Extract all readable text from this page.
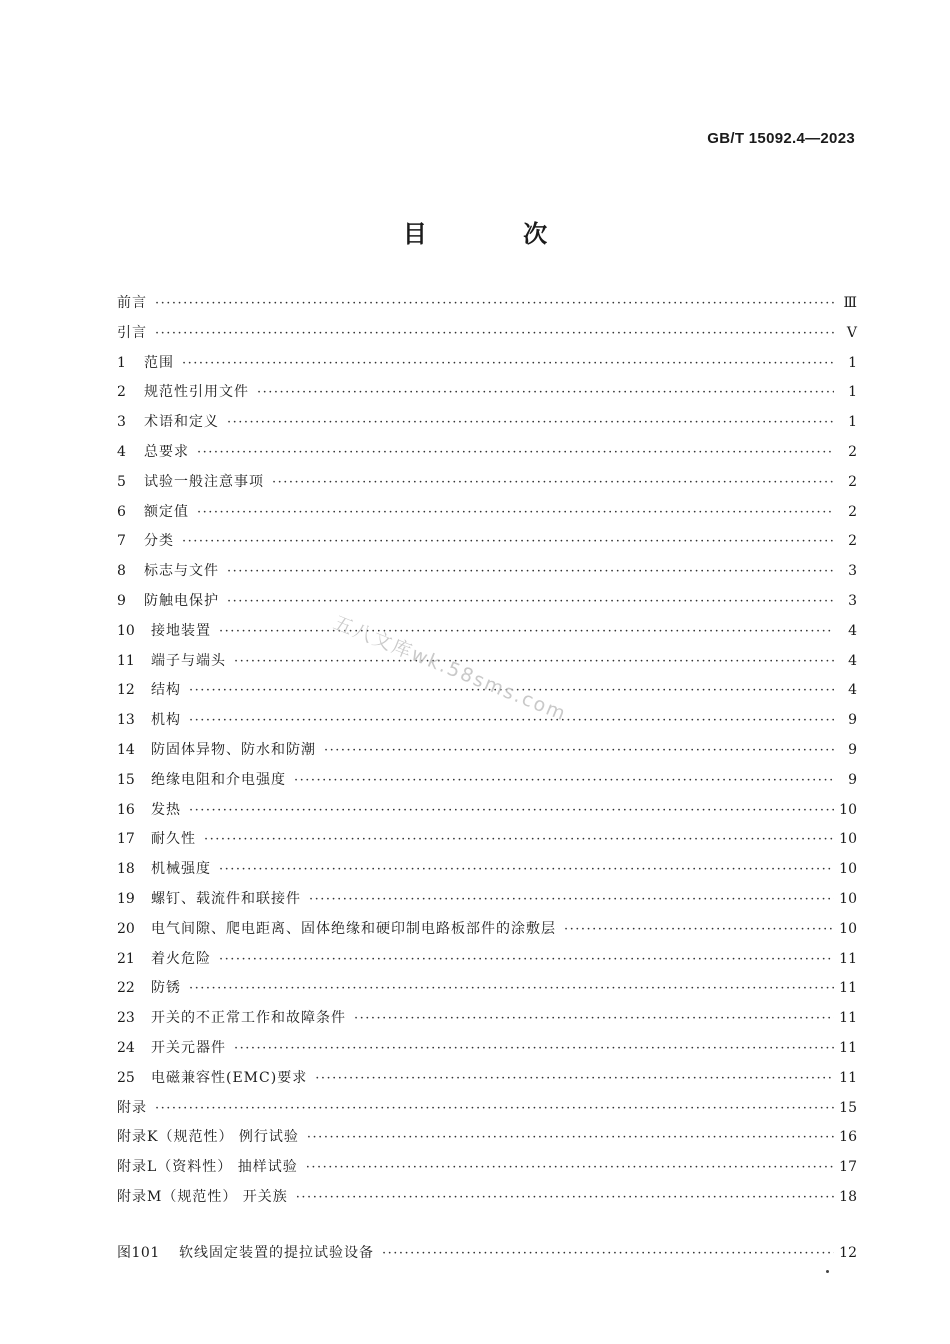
GB/T 15092.4—2023
目 次
前言 ·····	Ⅲ
引言 ·····	Ⅴ
1	范围 ·····	1
2	规范性引用文件 ·····	1
3	术语和定义 ·····	1
4	总要求 ·····	2
5	试验一般注意事项 ·····	2
6	额定值 ·····	2
7	分类 ·····	2
8	标志与文件 ·····	3
9	防触电保护 ·····	3
10	接地装置 ·····	4
11	端子与端头 ·····	4
12	结构 ·····	4
13	机构 ·····	9
14	防固体异物、防水和防潮 ·····	9
15	绝缘电阻和介电强度 ·····	9
16	发热 ·····	10
17	耐久性 ·····	10
18	机械强度 ·····	10
19	螺钉、载流件和联接件 ·····	10
20	电气间隙、爬电距离、固体绝缘和硬印制电路板部件的涂敷层 ·····	10
21	着火危险 ·····	11
22	防锈 ·····	11
23	开关的不正常工作和故障条件 ·····	11
24	开关元器件 ·····	11
25	电磁兼容性(EMC)要求 ·····	11
附录 ·····	15
附录K（规范性） 例行试验 ·····	16
附录L（资料性） 抽样试验 ·····	17
附录M（规范性） 开关族 ·····	18
图101	软线固定装置的提拉试验设备 ·····	12
五八文库wk.58sms.com
